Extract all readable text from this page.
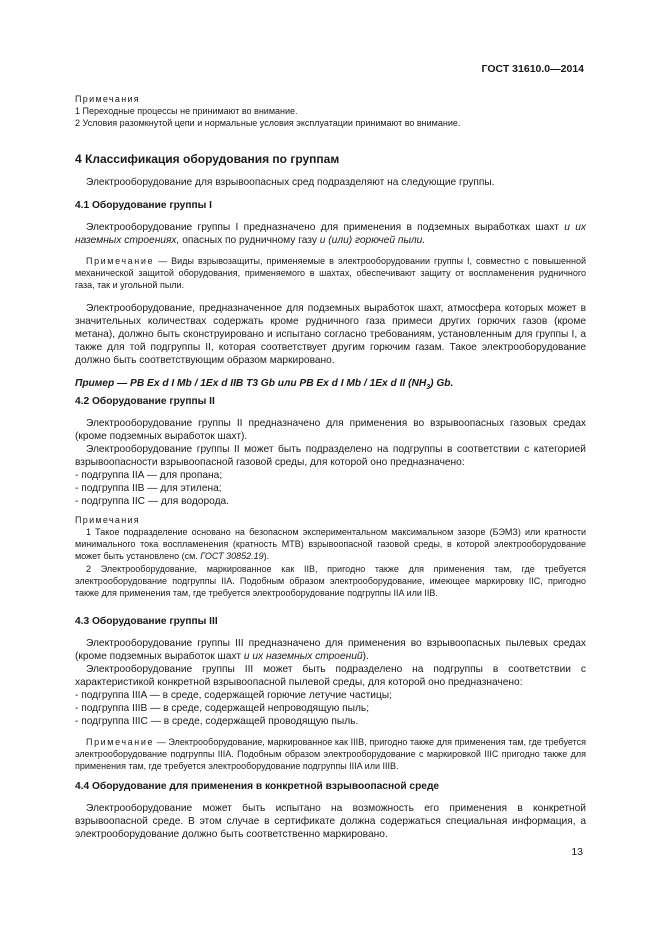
ГОСТ 31610.0—2014

Примечания

1 Переходные процессы не принимают во внимание.

2 Условия разомкнутой цепи и нормальные условия эксплуатации принимают во внимание.

4 Классификация оборудования по группам

Электрооборудование для взрывоопасных сред подразделяют на следующие группы.

4.1 Оборудование группы I

Электрооборудование группы I предназначено для применения в подземных выработках шахт и их наземных строениях, опасных по рудничному газу и (или) горючей пыли.

Примечание — Виды взрывозащиты, применяемые в электрооборудовании группы I, совместно с повышенной механической защитой оборудования, применяемого в шахтах, обеспечивают защиту от воспламенения рудничного газа, так и угольной пыли.

Электрооборудование, предназначенное для подземных выработок шахт, атмосфера которых может в значительных количествах содержать кроме рудничного газа примеси других горючих газов (кроме метана), должно быть сконструировано и испытано согласно требованиям, установленным для группы I, а также для той подгруппы II, которая соответствует другим горючим газам. Такое электрооборудование должно быть соответствующим образом маркировано.

Пример — PB Ex d I Mb / 1Ex d IIB T3 Gb или PB Ex d I Mb / 1Ex d II $(NH_3)$ Gb.

4.2 Оборудование группы II

Электрооборудование группы II предназначено для применения во взрывоопасных газовых средах (кроме подземных выработок шахт).

Электрооборудование группы II может быть подразделено на подгруппы в соответствии с категорией взрывоопасности взрывоопасной газовой среды, для которой оно предназначено:

- подгруппа IIA — для пропана;
- подгруппа IIB — для этилена;
- подгруппа IIC — для водорода.

Примечания

1 Такое подразделение основано на безопасном экспериментальном максимальном зазоре (БЭМЗ) или кратности минимального тока воспламенения (кратность МТВ) взрывоопасной газовой среды, в которой электрооборудование может быть установлено (см. ГОСТ 30852.19).

2 Электрооборудование, маркированное как IIB, пригодно также для применения там, где требуется электрооборудование подгруппы IIA. Подобным образом электрооборудование, имеющее маркировку IIC, пригодно также для применения там, где требуется электрооборудование подгруппы IIA или IIB.

4.3 Оборудование группы III

Электрооборудование группы III предназначено для применения во взрывоопасных пылевых средах (кроме подземных выработок шахт и их наземных строений).

Электрооборудование группы III может быть подразделено на подгруппы в соответствии с характеристикой конкретной взрывоопасной пылевой среды, для которой оно предназначено:

- подгруппа IIIA — в среде, содержащей горючие летучие частицы;
- подгруппа IIIB — в среде, содержащей непроводящую пыль;
- подгруппа IIIC — в среде, содержащей проводящую пыль.

Примечание — Электрооборудование, маркированное как IIIB, пригодно также для применения там, где требуется электрооборудование подгруппы IIIA. Подобным образом электрооборудование с маркировкой IIIC пригодно также для применения там, где требуется электрооборудование подгруппы IIIA или IIIB.

4.4 Оборудование для применения в конкретной взрывоопасной среде

Электрооборудование может быть испытано на возможность его применения в конкретной взрывоопасной среде. В этом случае в сертификате должна содержаться специальная информация, а электрооборудование должно быть соответственно маркировано.

13
